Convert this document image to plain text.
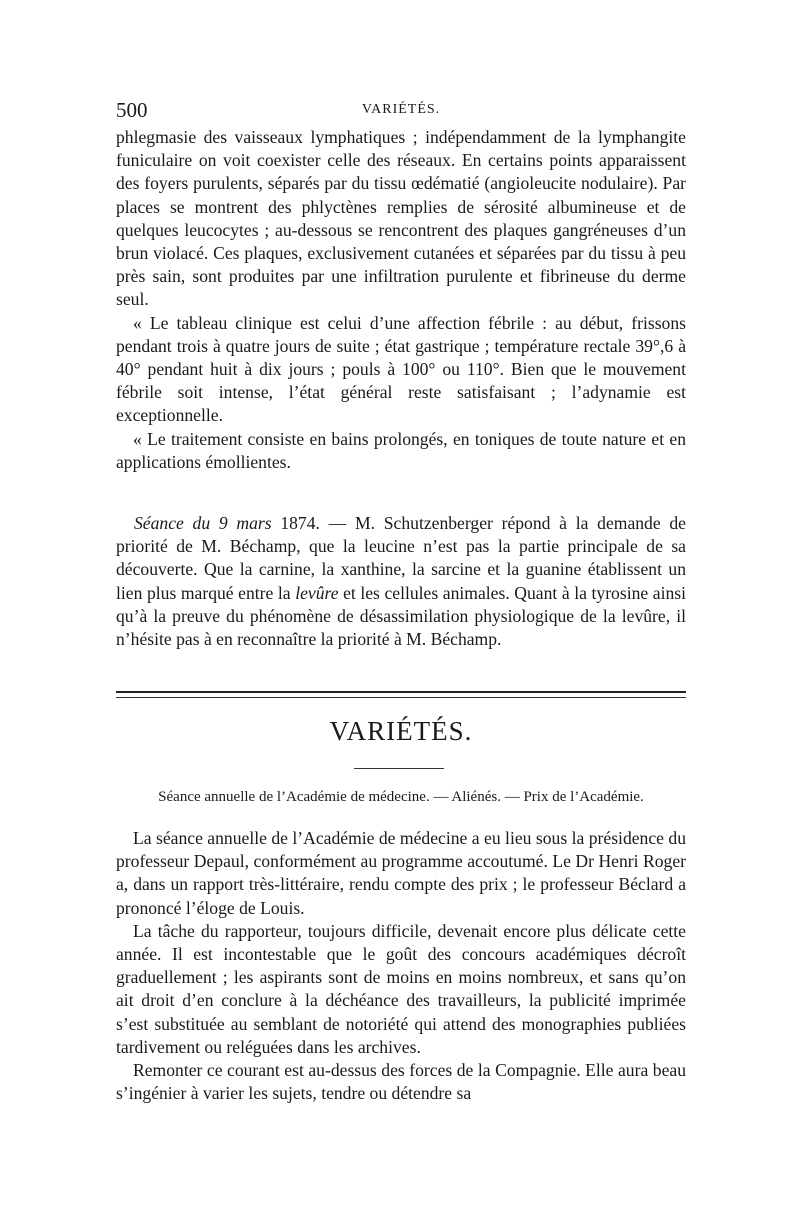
500	VARIÉTÉS.

phlegmasie des vaisseaux lymphatiques ; indépendamment de la lymphangite funiculaire on voit coexister celle des réseaux. En certains points apparaissent des foyers purulents, séparés par du tissu œdématié (angioleucite nodulaire). Par places se montrent des phlyctènes remplies de sérosité albumineuse et de quelques leucocytes ; au-dessous se rencontrent des plaques gangréneuses d’un brun violacé. Ces plaques, exclusivement cutanées et séparées par du tissu à peu près sain, sont produites par une infiltration purulente et fibrineuse du derme seul.

« Le tableau clinique est celui d’une affection fébrile : au début, frissons pendant trois à quatre jours de suite ; état gastrique ; température rectale 39°,6 à 40° pendant huit à dix jours ; pouls à 100° ou 110°. Bien que le mouvement fébrile soit intense, l’état général reste satisfaisant ; l’adynamie est exceptionnelle.

« Le traitement consiste en bains prolongés, en toniques de toute nature et en applications émollientes.

Séance du 9 mars 1874. — M. Schutzenberger répond à la demande de priorité de M. Béchamp, que la leucine n’est pas la partie principale de sa découverte. Que la carnine, la xanthine, la sarcine et la guanine établissent un lien plus marqué entre la levûre et les cellules animales. Quant à la tyrosine ainsi qu’à la preuve du phénomène de désassimilation physiologique de la levûre, il n’hésite pas à en reconnaître la priorité à M. Béchamp.

VARIÉTÉS.
Séance annuelle de l’Académie de médecine. — Aliénés. — Prix de l’Académie.

La séance annuelle de l’Académie de médecine a eu lieu sous la présidence du professeur Depaul, conformément au programme accoutumé. Le Dr Henri Roger a, dans un rapport très-littéraire, rendu compte des prix ; le professeur Béclard a prononcé l’éloge de Louis.

La tâche du rapporteur, toujours difficile, devenait encore plus délicate cette année. Il est incontestable que le goût des concours académiques décroît graduellement ; les aspirants sont de moins en moins nombreux, et sans qu’on ait droit d’en conclure à la déchéance des travailleurs, la publicité imprimée s’est substituée au semblant de notoriété qui attend des monographies publiées tardivement ou reléguées dans les archives.

Remonter ce courant est au-dessus des forces de la Compagnie. Elle aura beau s’ingénier à varier les sujets, tendre ou détendre sa
